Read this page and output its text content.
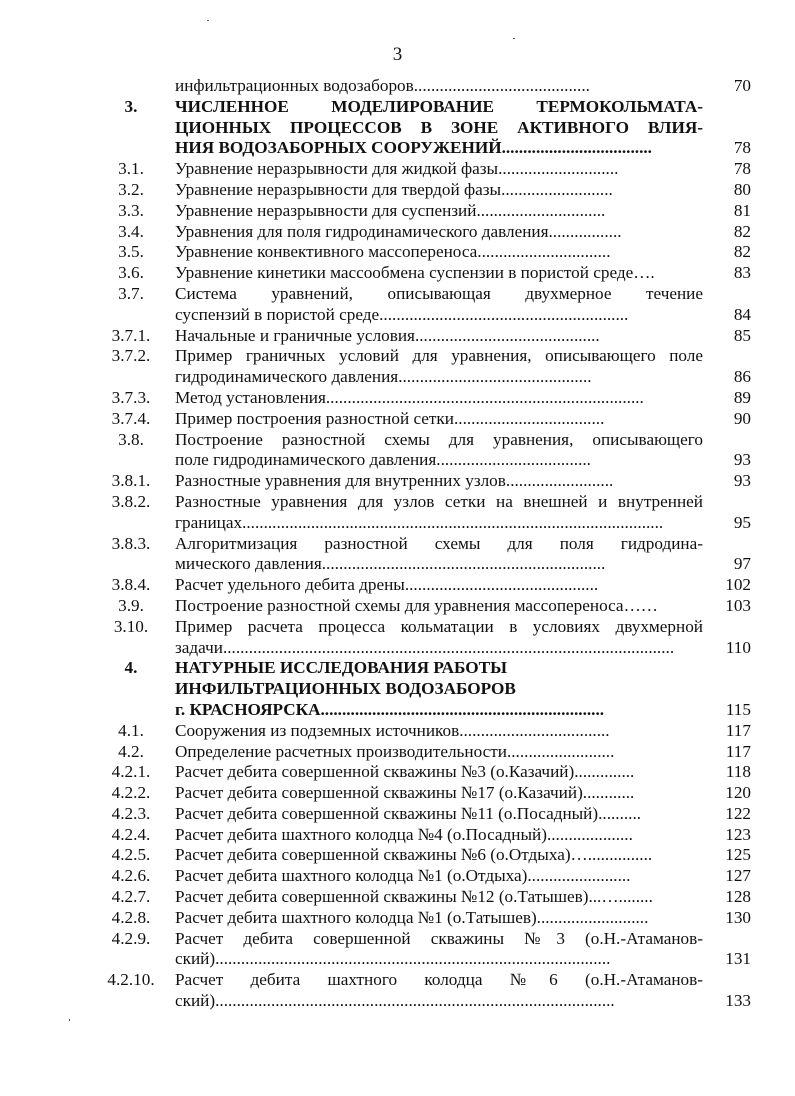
3
инфильтрационных водозаборов.........................................	70
3.	ЧИСЛЕННОЕ МОДЕЛИРОВАНИЕ ТЕРМОКОЛЬМАТА-
ЦИОННЫХ ПРОЦЕССОВ В ЗОНЕ АКТИВНОГО ВЛИЯ-
НИЯ ВОДОЗАБОРНЫХ СООРУЖЕНИЙ...................................	78
3.1.	Уравнение неразрывности для жидкой фазы............................	78
3.2.	Уравнение неразрывности для твердой фазы..........................	80
3.3.	Уравнение неразрывности для суспензий..............................	81
3.4.	Уравнения для поля гидродинамического давления.................	82
3.5.	Уравнение конвективного массопереноса...............................	82
3.6.	Уравнение кинетики массообмена суспензии в пористой среде….	83
3.7.	Система уравнений, описывающая двухмерное течение
суспензий в пористой среде..........................................................	84
3.7.1.	Начальные и граничные условия...........................................	85
3.7.2.	Пример граничных условий для уравнения, описывающего поле
гидродинамического давления.............................................	86
3.7.3.	Метод установления..........................................................................	89
3.7.4.	Пример построения разностной сетки...................................	90
3.8.	Построение разностной схемы для уравнения, описывающего
поле гидродинамического давления....................................	93
3.8.1.	Разностные уравнения для внутренних узлов.........................	93
3.8.2.	Разностные уравнения для узлов сетки на внешней и внутренней
границах..................................................................................................	95
3.8.3.	Алгоритмизация разностной схемы для поля гидродина-
мического давления..................................................................	97
3.8.4.	Расчет удельного дебита дрены.............................................	102
3.9.	Построение разностной схемы для уравнения массопереноса……	103
3.10.	Пример расчета процесса кольматации в условиях двухмерной
задачи.........................................................................................................	110
4.	НАТУРНЫЕ ИССЛЕДОВАНИЯ РАБОТЫ
ИНФИЛЬТРАЦИОННЫХ ВОДОЗАБОРОВ
г. КРАСНОЯРСКА..................................................................	115
4.1.	Сооружения из подземных источников...................................	117
4.2.	Определение расчетных производительности.........................	117
4.2.1.	Расчет дебита совершенной скважины №3 (о.Казачий)..............	118
4.2.2.	Расчет дебита совершенной скважины №17 (о.Казачий)............	120
4.2.3.	Расчет дебита совершенной скважины №11 (о.Посадный)..........	122
4.2.4.	Расчет дебита шахтного колодца №4 (о.Посадный)....................	123
4.2.5.	Расчет дебита совершенной скважины №6 (о.Отдыха)…...............	125
4.2.6.	Расчет дебита шахтного колодца №1 (о.Отдыха)........................	127
4.2.7.	Расчет дебита совершенной скважины №12 (о.Татышев)...…........	128
4.2.8.	Расчет дебита шахтного колодца №1 (о.Татышев)..........................	130
4.2.9.	Расчет дебита совершенной скважины №3 (о.Н.-Атаманов-
ский)............................................................................................	131
4.2.10.	Расчет дебита шахтного колодца №6 (о.Н.-Атаманов-
ский).............................................................................................	133
